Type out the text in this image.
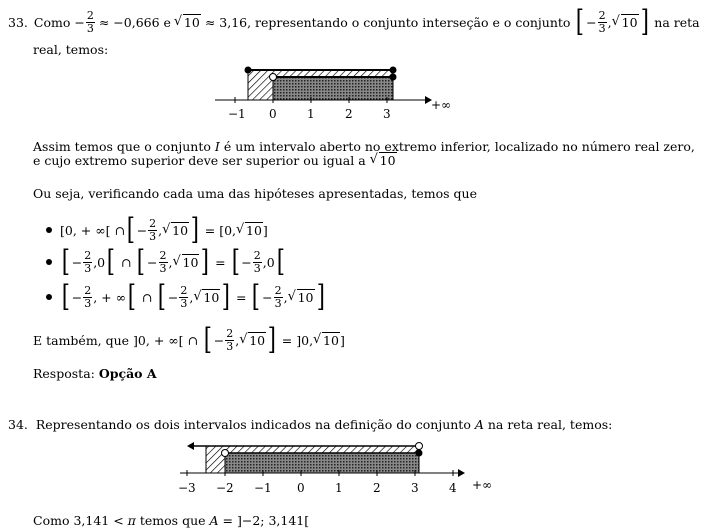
33. Como − $\frac{2}{3} \approx -0,666$ e	√ 10 ≈ 3,16, representando o conjunto interseção e o conjunto [ − $\frac{2}{3}$ , √ 10 ] na reta
real, temos:
−1 0	1	2	3
+∞
Assim temos que o conjunto
I
é um intervalo aberto no extremo inferior, localizado no número real zero,
e cujo extremo superior deve ser superior ou igual a
	√ 10
Ou seja, verificando cada uma das hipóteses apresentadas, temos que
[0, + ∞[ ∩ [ − $\frac{2}{3}$ , √ 10 ] = [0, √ 10 ]
[ − $\frac{2}{3} ,0$ [
∩
[ − $\frac{2}{3}$ , √ 10 ] = [ − $\frac{2}{3} ,0$ [
[ − $\frac{2}{3}$ , + ∞ [
∩
[ − $\frac{2}{3}$ , √ 10 ] = [ − $\frac{2}{3}$ , √ 10 ]
E também, que ]0, + ∞[ ∩
[ − $\frac{2}{3}$ , √ 10 ]
= ]0, √ 10 ]
Resposta: Opção A
34. Representando os dois intervalos indicados na definição do conjunto A na reta real, temos:
−3 −2 −1 0	1	2	3	4 +∞
Como 3,141 < π temos que A = ]−2; 3,141[
